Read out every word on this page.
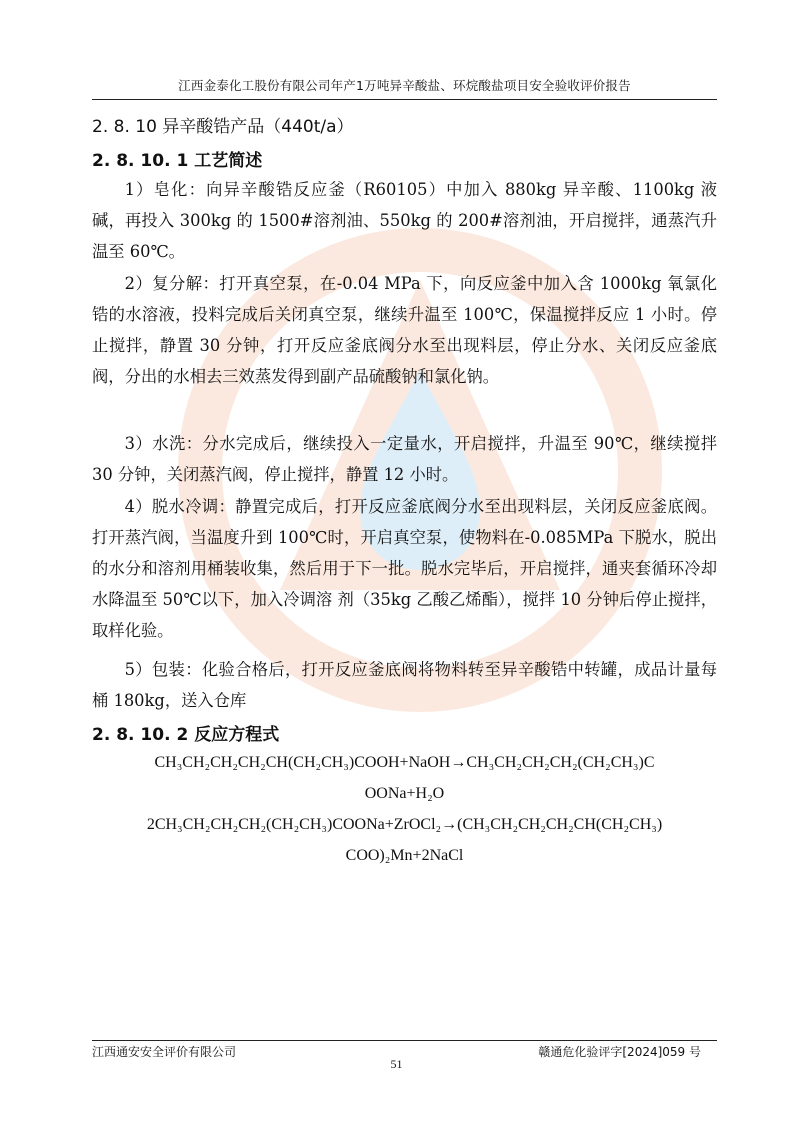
江西金泰化工股份有限公司年产1万吨异辛酸盐、环烷酸盐项目安全验收评价报告
2. 8. 10 异辛酸锆产品（440t/a）
2. 8. 10. 1 工艺简述
1）皂化：向异辛酸锆反应釜（R60105）中加入 880kg 异辛酸、1100kg 液碱，再投入 300kg 的 1500#溶剂油、550kg 的 200#溶剂油，开启搅拌，通蒸汽升温至 60℃。
2）复分解：打开真空泵，在-0.04 MPa 下，向反应釜中加入含 1000kg 氧氯化锆的水溶液，投料完成后关闭真空泵，继续升温至 100℃，保温搅拌反应 1 小时。停止搅拌，静置 30 分钟，打开反应釜底阀分水至出现料层，停止分水、关闭反应釜底阀，分出的水相去三效蒸发得到副产品硫酸钠和氯化钠。
3）水洗：分水完成后，继续投入一定量水，开启搅拌，升温至 90℃，继续搅拌 30 分钟，关闭蒸汽阀，停止搅拌，静置 12 小时。
4）脱水冷调：静置完成后，打开反应釜底阀分水至出现料层，关闭反应釜底阀。打开蒸汽阀，当温度升到 100℃时，开启真空泵，使物料在-0.085MPa 下脱水，脱出的水分和溶剂用桶装收集，然后用于下一批。脱水完毕后，开启搅拌，通夹套循环冷却水降温至 50℃以下，加入冷调溶 剂（35kg 乙酸乙烯酯），搅拌 10 分钟后停止搅拌，取样化验。
5）包装：化验合格后，打开反应釜底阀将物料转至异辛酸锆中转罐，成品计量每桶 180kg，送入仓库
2. 8. 10. 2 反应方程式
CH₃CH₂CH₂CH₂CH(CH₂CH₃)COOH+NaOH→CH₃CH₂CH₂CH₂(CH₂CH₃)C
OONa+H₂O
2CH₃CH₂CH₂CH₂(CH₂CH₃)COONa+ZrOCl₂→(CH₃CH₂CH₂CH₂CH(CH₂CH₃)
COO)₂Mn+2NaCl
江西通安安全评价有限公司	赣通危化验评字[2024]059 号
51
